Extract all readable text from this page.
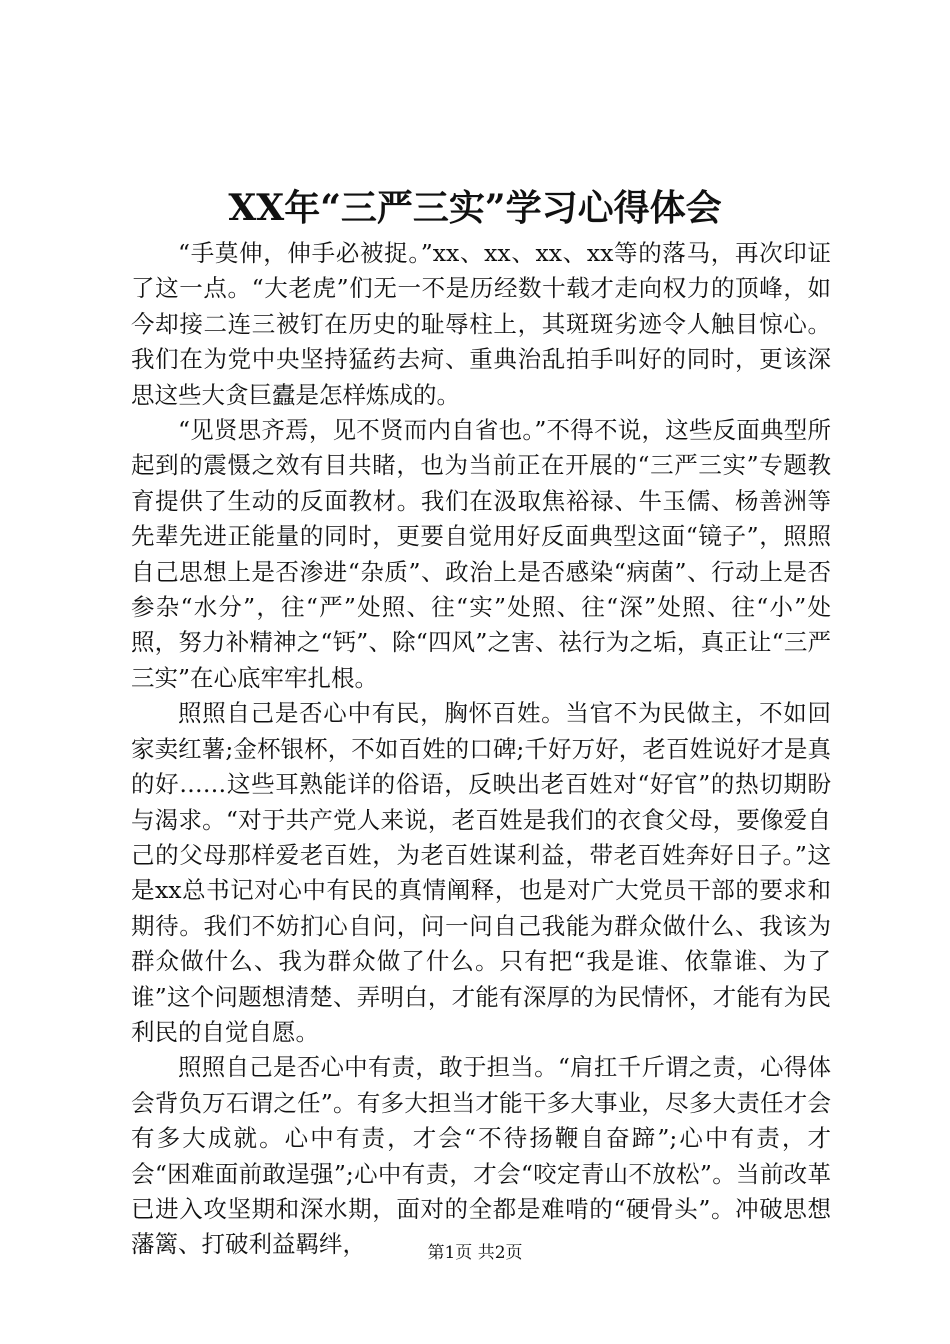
XX年“三严三实”学习心得体会

“手莫伸，伸手必被捉。”xx、xx、xx、xx等的落马，再次印证了这一点。“大老虎”们无一不是历经数十载才走向权力的顶峰，如今却接二连三被钉在历史的耻辱柱上，其斑斑劣迹令人触目惊心。我们在为党中央坚持猛药去疴、重典治乱拍手叫好的同时，更该深思这些大贪巨蠹是怎样炼成的。

“见贤思齐焉，见不贤而内自省也。”不得不说，这些反面典型所起到的震慑之效有目共睹，也为当前正在开展的“三严三实”专题教育提供了生动的反面教材。我们在汲取焦裕禄、牛玉儒、杨善洲等先辈先进正能量的同时，更要自觉用好反面典型这面“镜子”，照照自己思想上是否渗进“杂质”、政治上是否感染“病菌”、行动上是否参杂“水分”，往“严”处照、往“实”处照、往“深”处照、往“小”处照，努力补精神之“钙”、除“四风”之害、祛行为之垢，真正让“三严三实”在心底牢牢扎根。

照照自己是否心中有民，胸怀百姓。当官不为民做主，不如回家卖红薯;金杯银杯，不如百姓的口碑;千好万好，老百姓说好才是真的好……这些耳熟能详的俗语，反映出老百姓对“好官”的热切期盼与渴求。“对于共产党人来说，老百姓是我们的衣食父母，要像爱自己的父母那样爱老百姓，为老百姓谋利益，带老百姓奔好日子。”这是xx总书记对心中有民的真情阐释，也是对广大党员干部的要求和期待。我们不妨扪心自问，问一问自己我能为群众做什么、我该为群众做什么、我为群众做了什么。只有把“我是谁、依靠谁、为了谁”这个问题想清楚、弄明白，才能有深厚的为民情怀，才能有为民利民的自觉自愿。

照照自己是否心中有责，敢于担当。“肩扛千斤谓之责，心得体会背负万石谓之任”。有多大担当才能干多大事业，尽多大责任才会有多大成就。心中有责，才会“不待扬鞭自奋蹄”;心中有责，才会“困难面前敢逞强”;心中有责，才会“咬定青山不放松”。当前改革已进入攻坚期和深水期，面对的全都是难啃的“硬骨头”。冲破思想藩篱、打破利益羁绊，	第1页 共2页
